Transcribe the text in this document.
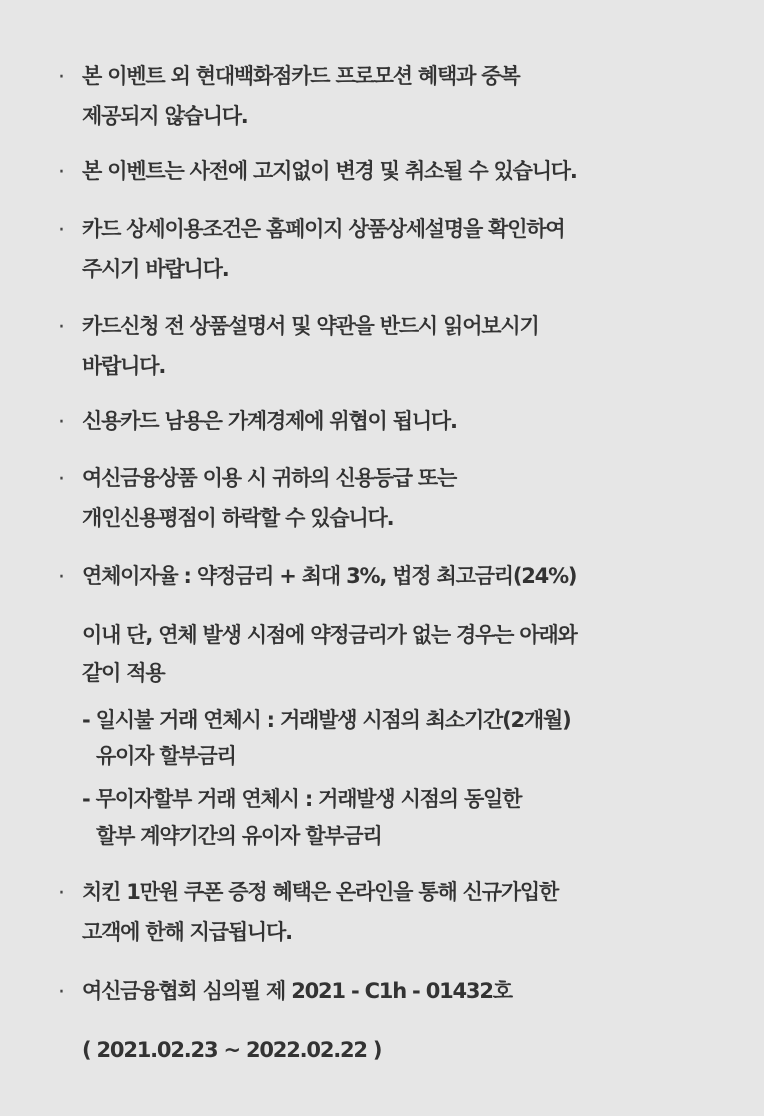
· 본 이벤트 외 현대백화점카드 프로모션 혜택과 중복
제공되지 않습니다.
· 본 이벤트는 사전에 고지없이 변경 및 취소될 수 있습니다.
· 카드 상세이용조건은 홈페이지 상품상세설명을 확인하여
주시기 바랍니다.
· 카드신청 전 상품설명서 및 약관을 반드시 읽어보시기
바랍니다.
· 신용카드 남용은 가계경제에 위협이 됩니다.
· 여신금융상품 이용 시 귀하의 신용등급 또는
개인신용평점이 하락할 수 있습니다.
· 연체이자율 : 약정금리 + 최대 3%, 법정 최고금리(24%)
이내 단, 연체 발생 시점에 약정금리가 없는 경우는 아래와
같이 적용
- 일시불 거래 연체시 : 거래발생 시점의 최소기간(2개월)
유이자 할부금리
- 무이자할부 거래 연체시 : 거래발생 시점의 동일한
할부 계약기간의 유이자 할부금리
· 치킨 1만원 쿠폰 증정 혜택은 온라인을 통해 신규가입한
고객에 한해 지급됩니다.
· 여신금융협회 심의필 제 2021 - C1h - 01432호
( 2021.02.23 ~ 2022.02.22 )
